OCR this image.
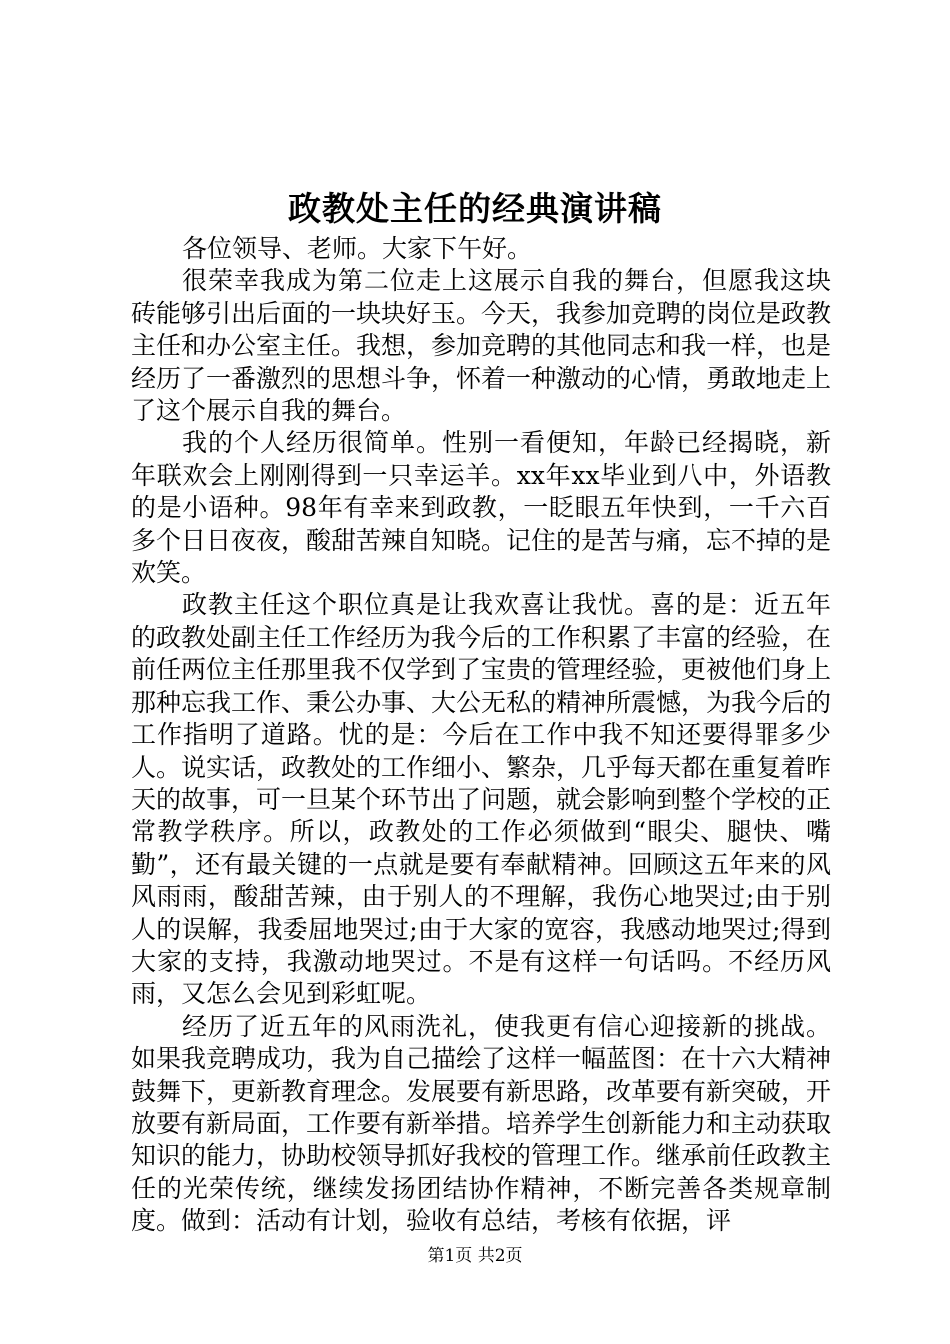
政教处主任的经典演讲稿

各位领导、老师。大家下午好。

很荣幸我成为第二位走上这展示自我的舞台，但愿我这块砖能够引出后面的一块块好玉。今天，我参加竞聘的岗位是政教主任和办公室主任。我想，参加竞聘的其他同志和我一样，也是经历了一番激烈的思想斗争，怀着一种激动的心情，勇敢地走上了这个展示自我的舞台。

我的个人经历很简单。性别一看便知，年龄已经揭晓，新年联欢会上刚刚得到一只幸运羊。xx年xx毕业到八中，外语教的是小语种。98年有幸来到政教，一眨眼五年快到，一千六百多个日日夜夜，酸甜苦辣自知晓。记住的是苦与痛，忘不掉的是欢笑。

政教主任这个职位真是让我欢喜让我忧。喜的是：近五年的政教处副主任工作经历为我今后的工作积累了丰富的经验，在前任两位主任那里我不仅学到了宝贵的管理经验，更被他们身上那种忘我工作、秉公办事、大公无私的精神所震憾，为我今后的工作指明了道路。忧的是：今后在工作中我不知还要得罪多少人。说实话，政教处的工作细小、繁杂，几乎每天都在重复着昨天的故事，可一旦某个环节出了问题，就会影响到整个学校的正常教学秩序。所以，政教处的工作必须做到“眼尖、腿快、嘴勤”，还有最关键的一点就是要有奉献精神。回顾这五年来的风风雨雨，酸甜苦辣，由于别人的不理解，我伤心地哭过;由于别人的误解，我委屈地哭过;由于大家的宽容，我感动地哭过;得到大家的支持，我激动地哭过。不是有这样一句话吗。不经历风雨，又怎么会见到彩虹呢。

经历了近五年的风雨洗礼，使我更有信心迎接新的挑战。如果我竞聘成功，我为自己描绘了这样一幅蓝图：在十六大精神鼓舞下，更新教育理念。发展要有新思路，改革要有新突破，开放要有新局面，工作要有新举措。培养学生创新能力和主动获取知识的能力，协助校领导抓好我校的管理工作。继承前任政教主任的光荣传统，继续发扬团结协作精神，不断完善各类规章制度。做到：活动有计划，验收有总结，考核有依据，评

第1页 共2页
